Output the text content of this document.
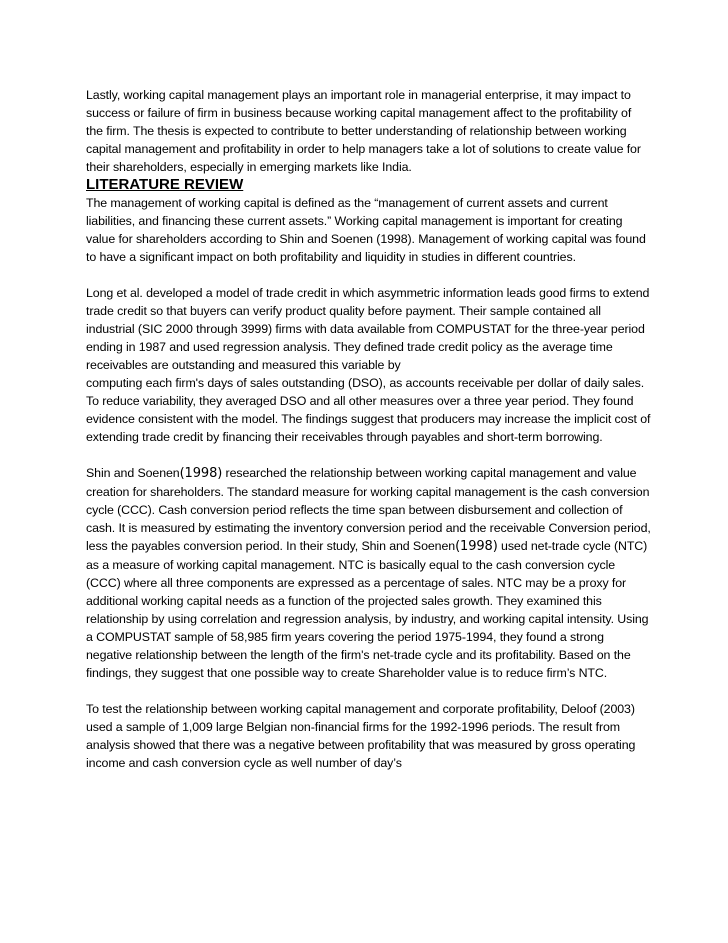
Lastly, working capital management plays an important role in managerial enterprise, it may impact to success or failure of firm in business because working capital management affect to the profitability of the firm. The thesis is expected to contribute to better understanding of relationship between working capital management and profitability in order to help managers take a lot of solutions to create value for their shareholders, especially in emerging markets like India.

LITERATURE REVIEW

The management of working capital is defined as the “management of current assets and current liabilities, and financing these current assets.” Working capital management is important for creating value for shareholders according to Shin and Soenen (1998). Management of working capital was found to have a significant impact on both profitability and liquidity in studies in different countries.

Long et al. developed a model of trade credit in which asymmetric information leads good firms to extend trade credit so that buyers can verify product quality before payment. Their sample contained all industrial (SIC 2000 through 3999) firms with data available from COMPUSTAT for the three-year period ending in 1987 and used regression analysis. They defined trade credit policy as the average time receivables are outstanding and measured this variable by

computing each firm's days of sales outstanding (DSO), as accounts receivable per dollar of daily sales. To reduce variability, they averaged DSO and all other measures over a three year period. They found evidence consistent with the model. The findings suggest that producers may increase the implicit cost of extending trade credit by financing their receivables through payables and short-term borrowing.

Shin and Soenen(1998) researched the relationship between working capital management and value creation for shareholders. The standard measure for working capital management is the cash conversion cycle (CCC). Cash conversion period reflects the time span between disbursement and collection of cash. It is measured by estimating the inventory conversion period and the receivable Conversion period, less the payables conversion period. In their study, Shin and Soenen(1998) used net-trade cycle (NTC) as a measure of working capital management. NTC is basically equal to the cash conversion cycle (CCC) where all three components are expressed as a percentage of sales. NTC may be a proxy for additional working capital needs as a function of the projected sales growth. They examined this relationship by using correlation and regression analysis, by industry, and working capital intensity. Using a COMPUSTAT sample of 58,985 firm years covering the period 1975-1994, they found a strong negative relationship between the length of the firm's net-trade cycle and its profitability. Based on the findings, they suggest that one possible way to create Shareholder value is to reduce firm’s NTC.

To test the relationship between working capital management and corporate profitability, Deloof (2003) used a sample of 1,009 large Belgian non-financial firms for the 1992-1996 periods. The result from analysis showed that there was a negative between profitability that was measured by gross operating income and cash conversion cycle as well number of day’s
